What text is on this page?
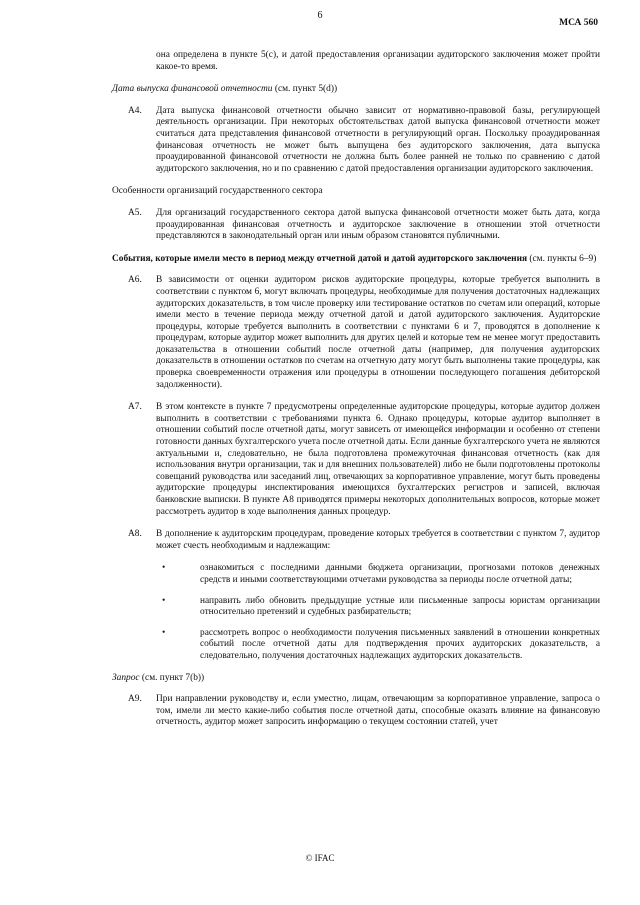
6
МСА 560
она определена в пункте 5(c), и датой предоставления организации аудиторского заключения может пройти какое-то время.
Дата выпуска финансовой отчетности (см. пункт 5(d))
A4. Дата выпуска финансовой отчетности обычно зависит от нормативно-правовой базы, регулирующей деятельность организации. При некоторых обстоятельствах датой выпуска финансовой отчетности может считаться дата представления финансовой отчетности в регулирующий орган. Поскольку проаудированная финансовая отчетность не может быть выпущена без аудиторского заключения, дата выпуска проаудированной финансовой отчетности не должна быть более ранней не только по сравнению с датой аудиторского заключения, но и по сравнению с датой предоставления организации аудиторского заключения.
Особенности организаций государственного сектора
A5. Для организаций государственного сектора датой выпуска финансовой отчетности может быть дата, когда проаудированная финансовая отчетность и аудиторское заключение в отношении этой отчетности представляются в законодательный орган или иным образом становятся публичными.
События, которые имели место в период между отчетной датой и датой аудиторского заключения (см. пункты 6–9)
A6. В зависимости от оценки аудитором рисков аудиторские процедуры, которые требуется выполнить в соответствии с пунктом 6, могут включать процедуры, необходимые для получения достаточных надлежащих аудиторских доказательств, в том числе проверку или тестирование остатков по счетам или операций, которые имели место в течение периода между отчетной датой и датой аудиторского заключения. Аудиторские процедуры, которые требуется выполнить в соответствии с пунктами 6 и 7, проводятся в дополнение к процедурам, которые аудитор может выполнить для других целей и которые тем не менее могут предоставить доказательства в отношении событий после отчетной даты (например, для получения аудиторских доказательств в отношении остатков по счетам на отчетную дату могут быть выполнены такие процедуры, как проверка своевременности отражения или процедуры в отношении последующего погашения дебиторской задолженности).
A7. В этом контексте в пункте 7 предусмотрены определенные аудиторские процедуры, которые аудитор должен выполнить в соответствии с требованиями пункта 6. Однако процедуры, которые аудитор выполняет в отношении событий после отчетной даты, могут зависеть от имеющейся информации и особенно от степени готовности данных бухгалтерского учета после отчетной даты. Если данные бухгалтерского учета не являются актуальными и, следовательно, не была подготовлена промежуточная финансовая отчетность (как для использования внутри организации, так и для внешних пользователей) либо не были подготовлены протоколы совещаний руководства или заседаний лиц, отвечающих за корпоративное управление, могут быть проведены аудиторские процедуры инспектирования имеющихся бухгалтерских регистров и записей, включая банковские выписки. В пункте A8 приводятся примеры некоторых дополнительных вопросов, которые может рассмотреть аудитор в ходе выполнения данных процедур.
A8. В дополнение к аудиторским процедурам, проведение которых требуется в соответствии с пунктом 7, аудитор может счесть необходимым и надлежащим:
•	ознакомиться с последними данными бюджета организации, прогнозами потоков денежных средств и иными соответствующими отчетами руководства за периоды после отчетной даты;
•	направить либо обновить предыдущие устные или письменные запросы юристам организации относительно претензий и судебных разбирательств;
•	рассмотреть вопрос о необходимости получения письменных заявлений в отношении конкретных событий после отчетной даты для подтверждения прочих аудиторских доказательств, а следовательно, получения достаточных надлежащих аудиторских доказательств.
Запрос (см. пункт 7(b))
A9. При направлении руководству и, если уместно, лицам, отвечающим за корпоративное управление, запроса о том, имели ли место какие-либо события после отчетной даты, способные оказать влияние на финансовую отчетность, аудитор может запросить информацию о текущем состоянии статей, учет
© IFAC
